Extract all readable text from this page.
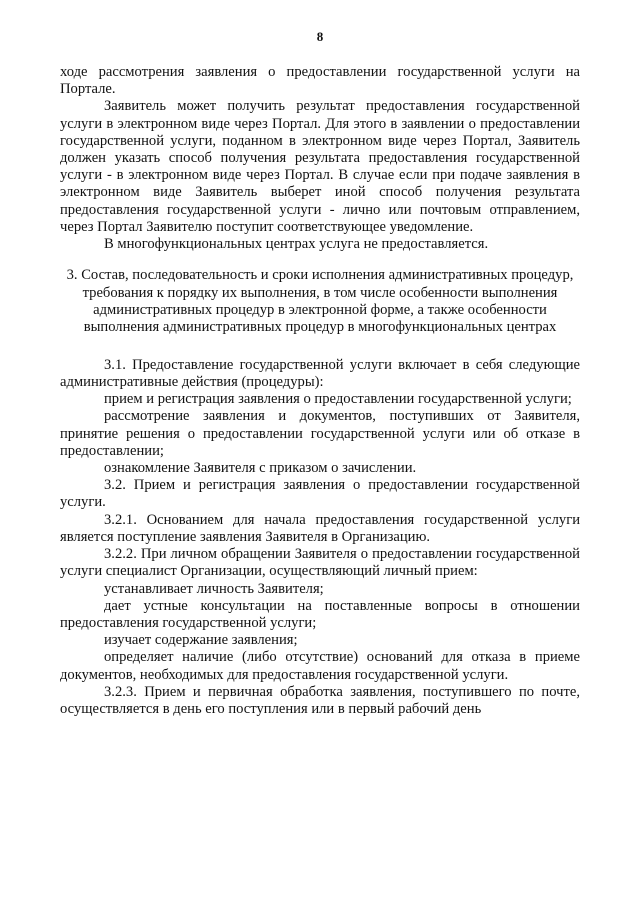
8

ходе рассмотрения заявления о предоставлении государственной услуги на Портале.

Заявитель может получить результат предоставления государственной услуги в электронном виде через Портал. Для этого в заявлении о предоставлении государственной услуги, поданном в электронном виде через Портал, Заявитель должен указать способ получения результата предоставления государственной услуги - в электронном виде через Портал. В случае если при подаче заявления в электронном виде Заявитель выберет иной способ получения результата предоставления государственной услуги - лично или почтовым отправлением, через Портал Заявителю поступит соответствующее уведомление.

В многофункциональных центрах услуга не предоставляется.

3. Состав, последовательность и сроки исполнения административных процедур, требования к порядку их выполнения, в том числе особенности выполнения административных процедур в электронной форме, а также особенности выполнения административных процедур в многофункциональных центрах

3.1. Предоставление государственной услуги включает в себя следующие административные действия (процедуры):

прием и регистрация заявления о предоставлении государственной услуги;

рассмотрение заявления и документов, поступивших от Заявителя, принятие решения о предоставлении государственной услуги или об отказе в предоставлении;

ознакомление Заявителя с приказом о зачислении.

3.2. Прием и регистрация заявления о предоставлении государственной услуги.

3.2.1. Основанием для начала предоставления государственной услуги является поступление заявления Заявителя в Организацию.

3.2.2. При личном обращении Заявителя о предоставлении государственной услуги специалист Организации, осуществляющий личный прием:

устанавливает личность Заявителя;

дает устные консультации на поставленные вопросы в отношении предоставления государственной услуги;

изучает содержание заявления;

определяет наличие (либо отсутствие) оснований для отказа в приеме документов, необходимых для предоставления государственной услуги.

3.2.3. Прием и первичная обработка заявления, поступившего по почте, осуществляется в день его поступления или в первый рабочий день
